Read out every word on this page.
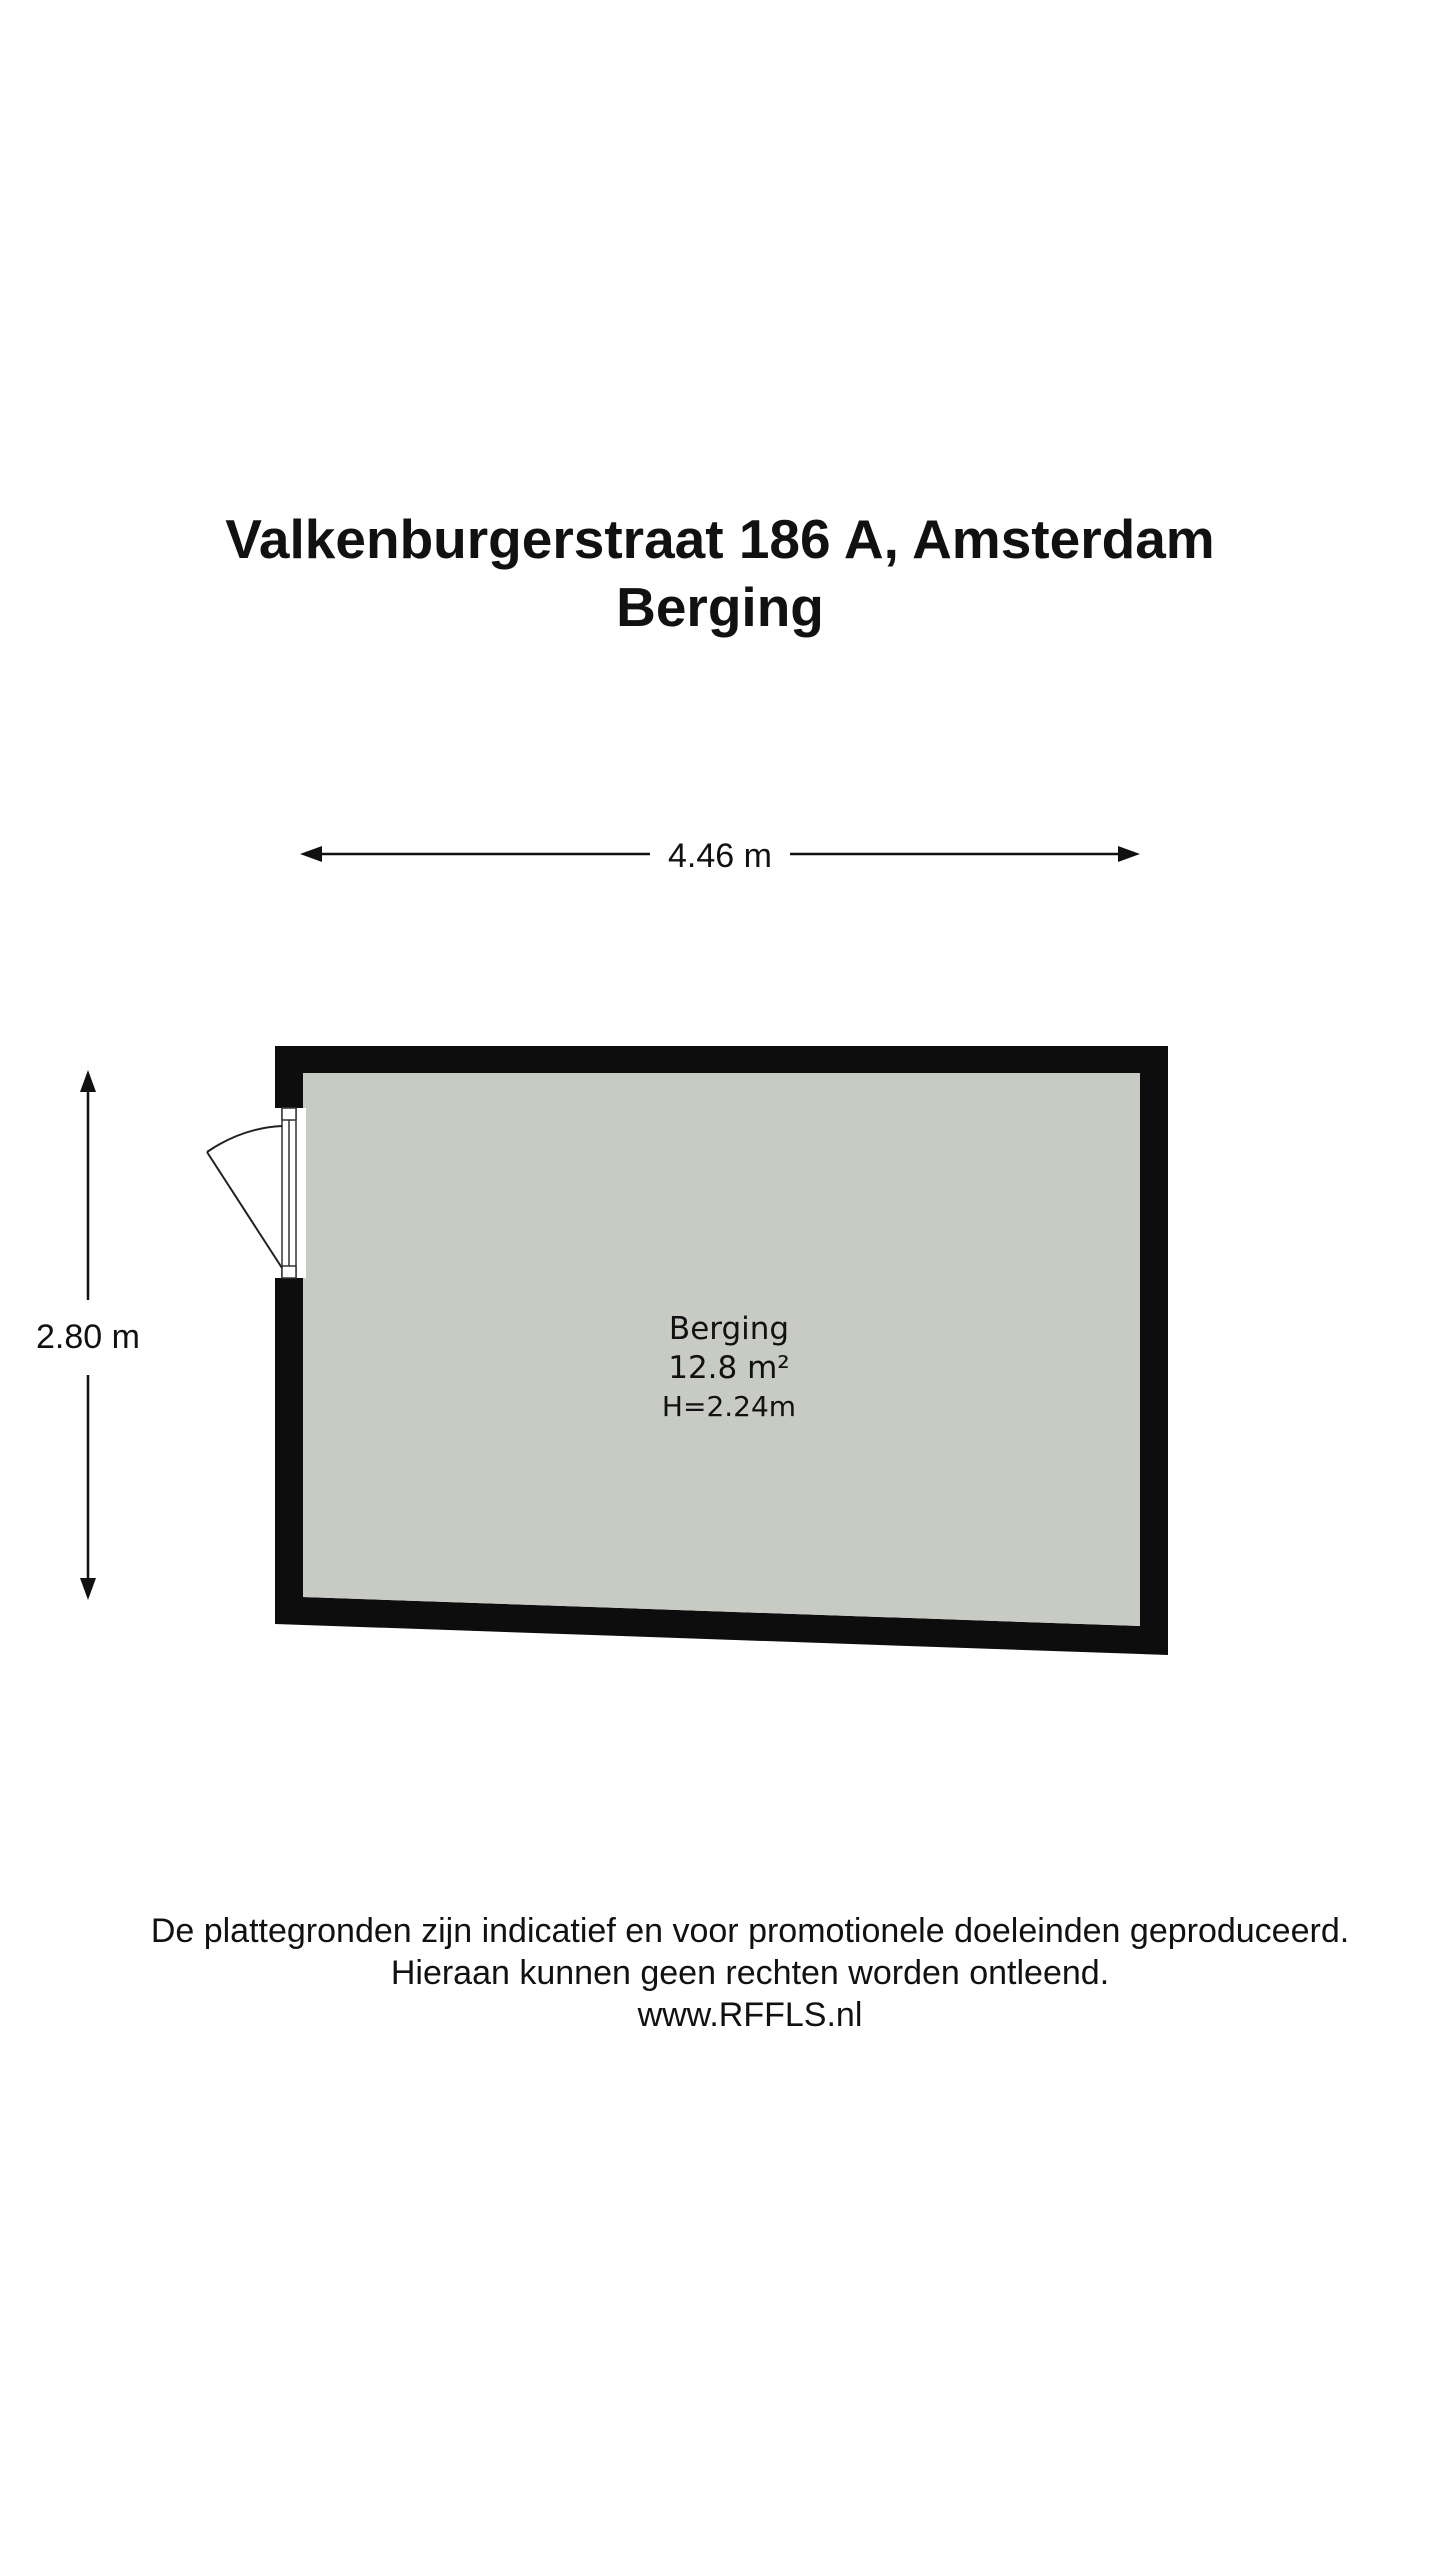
Valkenburgerstraat 186 A, Amsterdam
Berging
4.46 m
2.80 m	Berging
12.8 m²
H=2.24m
De plattegronden zijn indicatief en voor promotionele doeleinden geproduceerd.
Hieraan kunnen geen rechten worden ontleend.
www.RFFLS.nl
